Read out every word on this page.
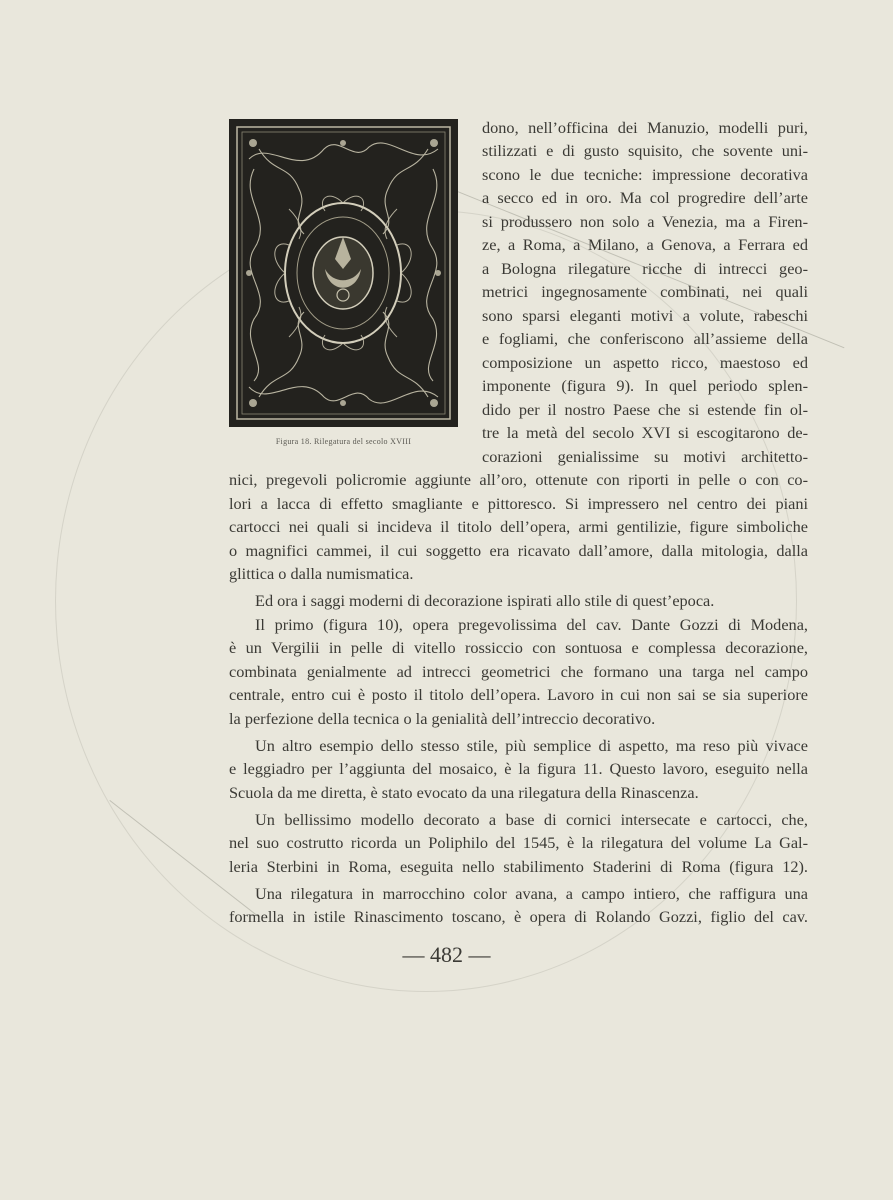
Figura 18. Rilegatura del secolo XVIII
dono, nell’officina dei Manuzio, modelli puri,
stilizzati e di gusto squisito, che sovente uni-
scono le due tecniche: impressione decorativa
a secco ed in oro. Ma col progredire dell’arte
si produssero non solo a Venezia, ma a Firen-
ze, a Roma, a Milano, a Genova, a Ferrara ed
a Bologna rilegature ricche di intrecci geo-
metrici ingegnosamente combinati, nei quali
sono sparsi eleganti motivi a volute, rabeschi
e fogliami, che conferiscono all’assieme della
composizione un aspetto ricco, maestoso ed
imponente (figura 9). In quel periodo splen-
dido per il nostro Paese che si estende fin ol-
tre la metà del secolo XVI si escogitarono de-
corazioni genialissime su motivi architetto-
nici, pregevoli policromie aggiunte all’oro, ottenute con riporti in pelle o con co-
lori a lacca di effetto smagliante e pittoresco. Si impressero nel centro dei piani
cartocci nei quali si incideva il titolo dell’opera, armi gentilizie, figure simboliche
o magnifici cammei, il cui soggetto era ricavato dall’amore, dalla mitologia, dalla
glittica o dalla numismatica.
Ed ora i saggi moderni di decorazione ispirati allo stile di quest’epoca.
Il primo (figura 10), opera pregevolissima del cav. Dante Gozzi di Modena,
è un Vergilii in pelle di vitello rossiccio con sontuosa e complessa decorazione,
combinata genialmente ad intrecci geometrici che formano una targa nel campo
centrale, entro cui è posto il titolo dell’opera. Lavoro in cui non sai se sia superiore
la perfezione della tecnica o la genialità dell’intreccio decorativo.
Un altro esempio dello stesso stile, più semplice di aspetto, ma reso più vivace
e leggiadro per l’aggiunta del mosaico, è la figura 11. Questo lavoro, eseguito nella
Scuola da me diretta, è stato evocato da una rilegatura della Rinascenza.
Un bellissimo modello decorato a base di cornici intersecate e cartocci, che,
nel suo costrutto ricorda un Poliphilo del 1545, è la rilegatura del volume La Gal-
leria Sterbini in Roma, eseguita nello stabilimento Staderini di Roma (figura 12).
Una rilegatura in marrocchino color avana, a campo intiero, che raffigura una
formella in istile Rinascimento toscano, è opera di Rolando Gozzi, figlio del cav.
— 482 —
